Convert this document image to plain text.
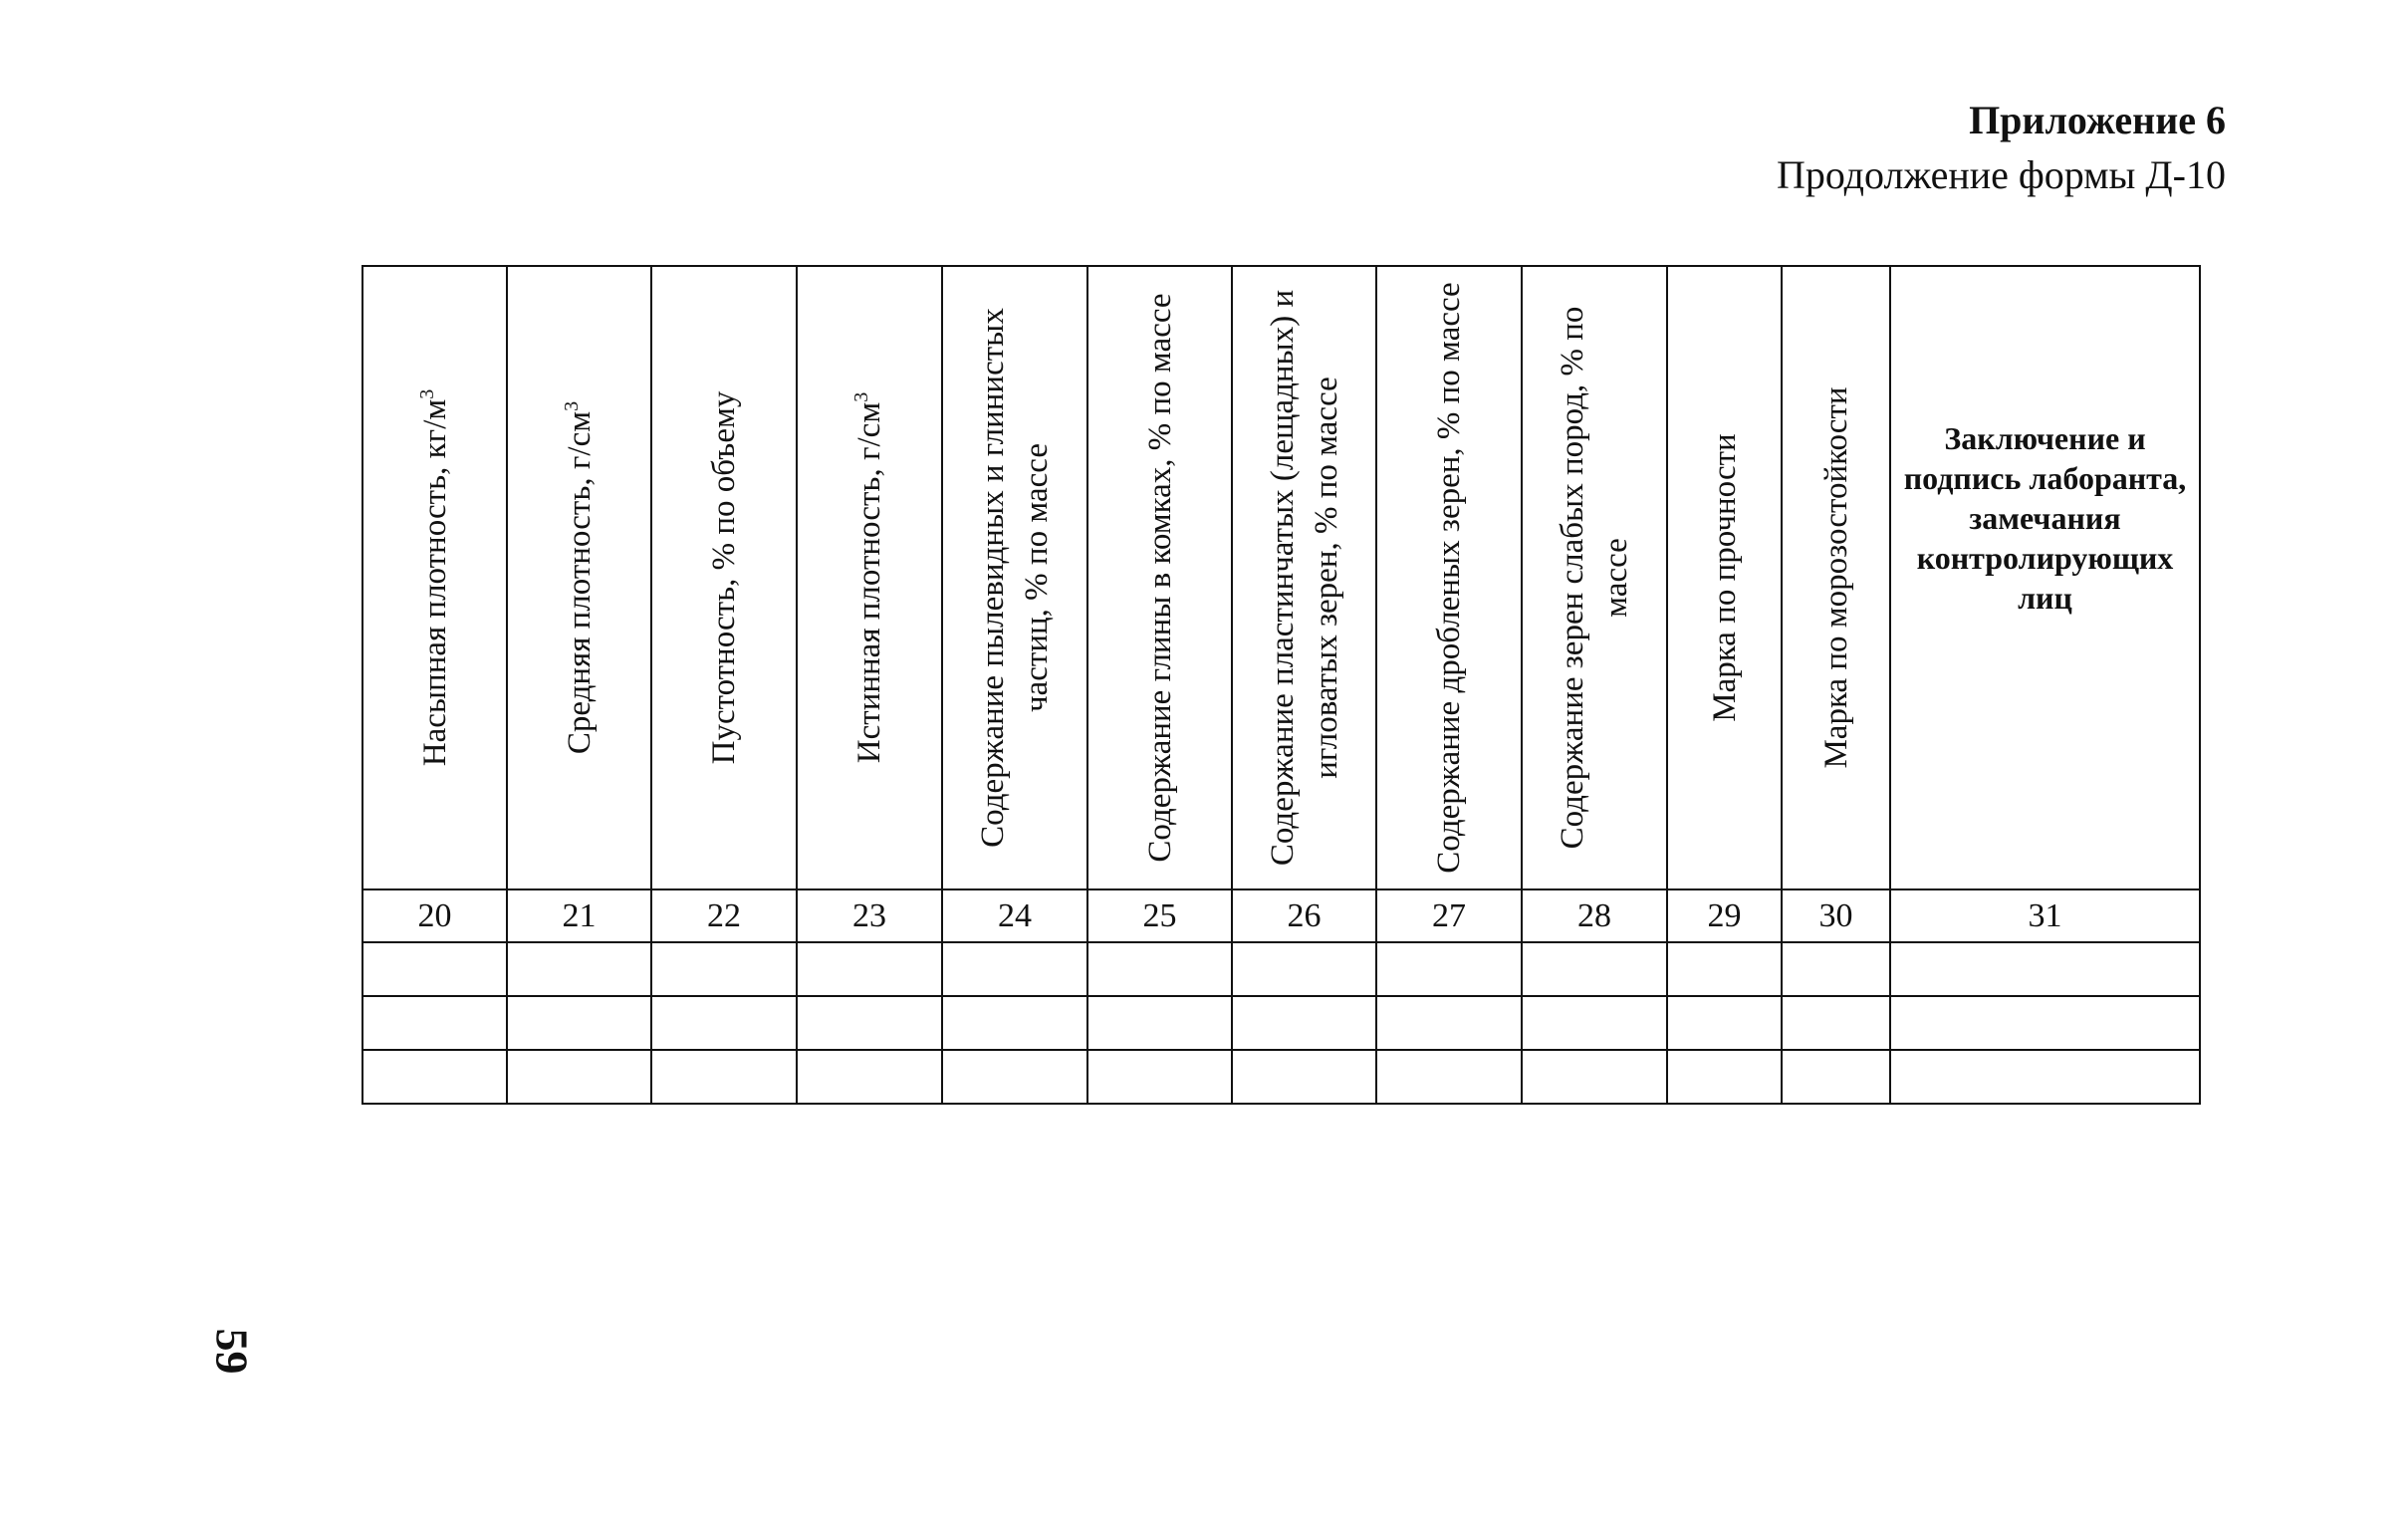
Приложение 6
Продолжение формы Д-10
Насыпная плотность, $кг/м^3$	Средняя плотность, $г/см^3$	Пустотность, % по объему	Истинная плотность, $г/см^3$	Содержание пылевидных и глинистых частиц, % по массе	Содержание глины в комках, % по массе	Содержание пластинчатых (лещадных) и игловатых зерен, % по массе	Содержание дробленых зерен, % по массе	Содержание зерен слабых пород, % по массе	Марка по прочности	Марка по морозостойкости	Заключение и подпись лаборанта, замечания контролирующих лиц

20	21	22	23	24	25	26	27	28	29	30	31

59
